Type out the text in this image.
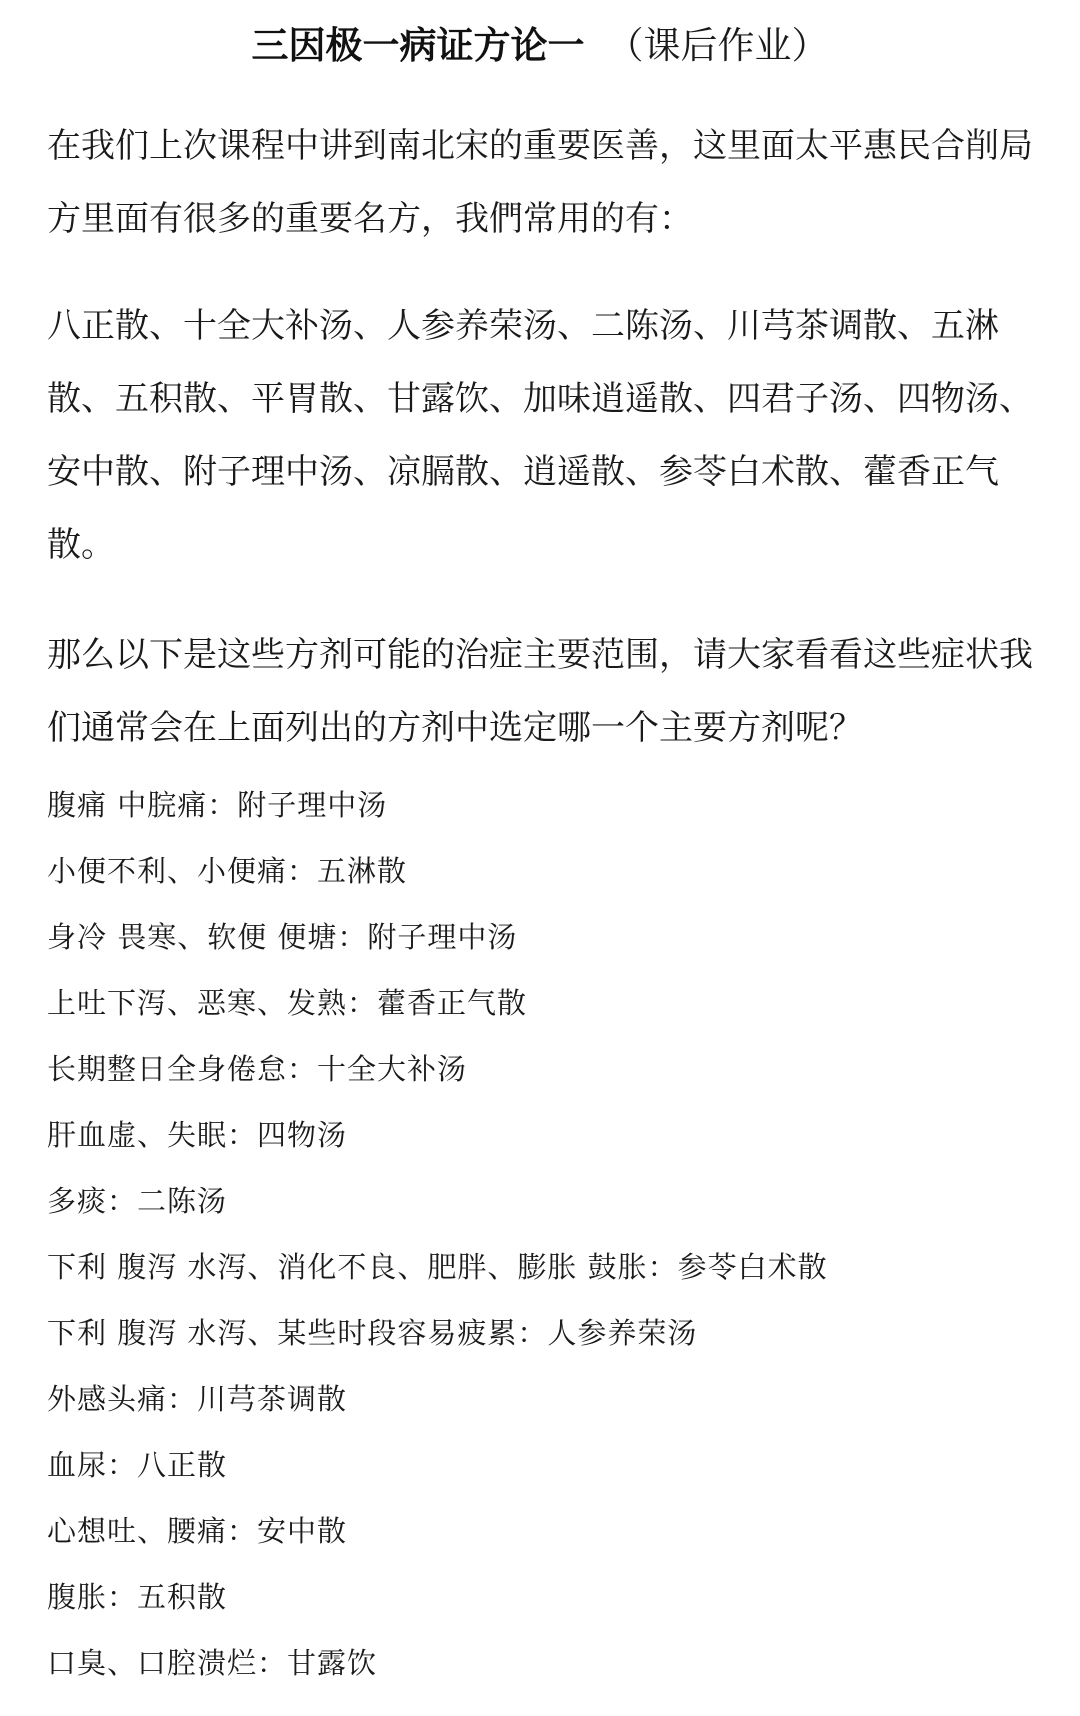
三因极一病证方论一 （课后作业）

在我们上次课程中讲到南北宋的重要医善，这里面太平惠民合削局方里面有很多的重要名方，我們常用的有：

八正散、十全大补汤、人参养荣汤、二陈汤、川芎茶调散、五淋散、五积散、平胃散、甘露饮、加味逍遥散、四君子汤、四物汤、安中散、附子理中汤、凉膈散、逍遥散、参苓白术散、藿香正气散。

那么以下是这些方剂可能的治症主要范围，请大家看看这些症状我们通常会在上面列出的方剂中选定哪一个主要方剂呢？

腹痛 中脘痛：附子理中汤
小便不利、小便痛：五淋散
身冷 畏寒、软便 便塘：附子理中汤
上吐下泻、恶寒、发熟：藿香正气散
长期整日全身倦怠：十全大补汤
肝血虚、失眠：四物汤
多痰：二陈汤
下利 腹泻 水泻、消化不良、肥胖、膨胀 鼓胀：参苓白术散
下利 腹泻 水泻、某些时段容易疲累：人参养荣汤
外感头痛：川芎茶调散
血尿：八正散
心想吐、腰痛：安中散
腹胀：五积散
口臭、口腔溃烂：甘露饮
